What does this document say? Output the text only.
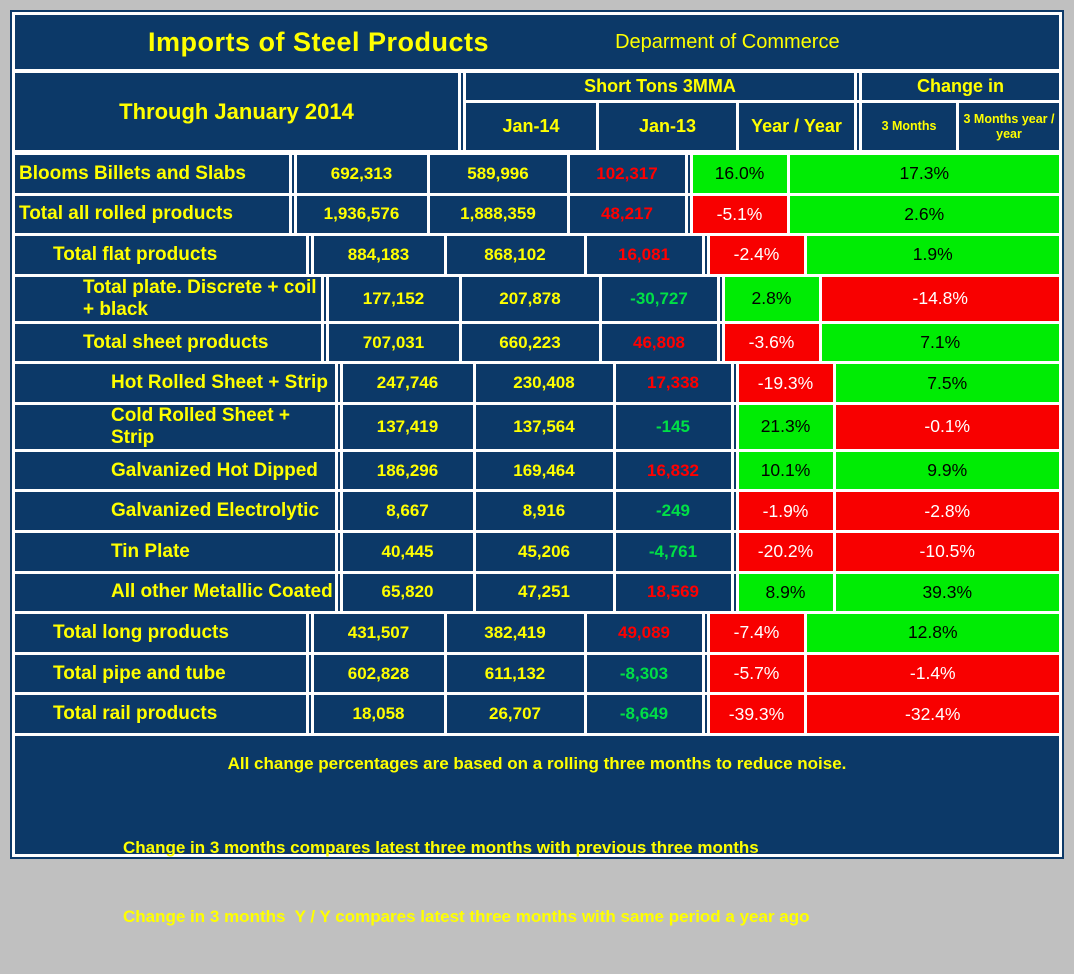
Imports of Steel Products	Deparment of Commerce
Through January 2014
Short Tons 3MMA	Change in
Jan-14	Jan-13	Year / Year	3 Months
3 Months year / year
Blooms Billets and Slabs	692,313	589,996	102,317	16.0%	17.3%
Total all rolled products	1,936,576	1,888,359	48,217	-5.1%	2.6%
Total flat products	884,183	868,102	16,081	-2.4%	1.9%
Total plate. Discrete + coil + black
177,152	207,878	-30,727	2.8%	-14.8%
Total sheet products	707,031	660,223	46,808	-3.6%	7.1%
Hot Rolled Sheet + Strip	247,746	230,408	17,338	-19.3%	7.5%
Cold Rolled Sheet + Strip
137,419	137,564	-145	21.3%	-0.1%
Galvanized Hot Dipped	186,296	169,464	16,832	10.1%	9.9%
Galvanized Electrolytic	8,667	8,916	-249	-1.9%	-2.8%
Tin Plate	40,445	45,206	-4,761	-20.2%	-10.5%
All other Metallic Coated	65,820	47,251	18,569	8.9%	39.3%
Total long products	431,507	382,419	49,089	-7.4%	12.8%
Total pipe and tube	602,828	611,132	-8,303	-5.7%	-1.4%
Total rail products	18,058	26,707	-8,649	-39.3%	-32.4%
All change percentages are based on a rolling three months to reduce noise.

Change in 3 months compares latest three months with previous three months

Change in 3 months  Y / Y compares latest three months with same period a year ago
